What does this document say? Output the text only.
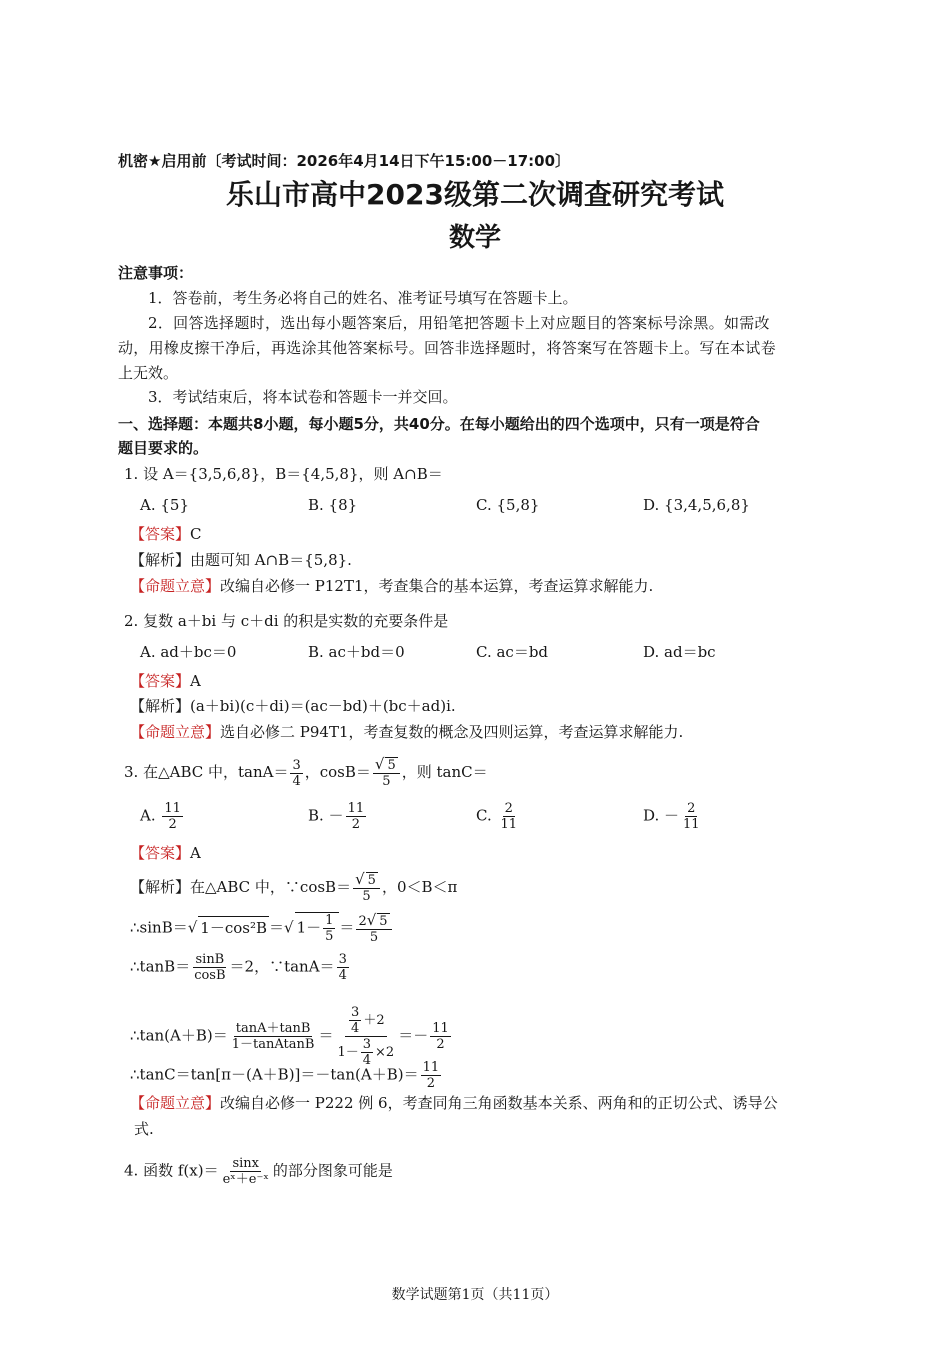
机密★启用前〔考试时间：2026年4月14日下午15:00－17:00〕
乐山市高中2023级第二次调查研究考试
数学
注意事项：
1．答卷前，考生务必将自己的姓名、准考证号填写在答题卡上。
2．回答选择题时，选出每小题答案后，用铅笔把答题卡上对应题目的答案标号涂黑。如需改
动，用橡皮擦干净后，再选涂其他答案标号。回答非选择题时，将答案写在答题卡上。写在本试卷
上无效。
3．考试结束后，将本试卷和答题卡一并交回。
一、选择题：本题共8小题，每小题5分，共40分。在每小题给出的四个选项中，只有一项是符合
题目要求的。
1. 设 A＝{3,5,6,8}，B＝{4,5,8}，则 A∩B＝
A. {5}	B. {8}	C. {5,8}	D. {3,4,5,6,8}
【答案】C
【解析】由题可知 A∩B＝{5,8}.
【命题立意】改编自必修一 P12T1，考查集合的基本运算，考查运算求解能力.
2. 复数 a＋bi 与 c＋di 的积是实数的充要条件是
A. ad＋bc＝0	B. ac＋bd＝0	C. ac＝bd	D. ad＝bc
【答案】A
【解析】(a＋bi)(c＋di)＝(ac－bd)＋(bc＋ad)i.
【命题立意】选自必修二 P94T1，考查复数的概念及四则运算，考查运算求解能力.
3. 在△ABC 中，$\tan A= \frac{3}{4}$ ，$\cos B= \frac{√ 5}{5}$ ，则 tanC＝
A. $\frac{11}{2}$	B. － $\frac{11}{2}$	C. $\frac{2}{11}$	D. － $\frac{2}{11}$
【答案】A
【解析】在△ABC 中，∵cosB＝ $\frac{√ 5}{5}$ ，0＜B＜π
∴sinB＝√ 1－cos²B ＝√ $1- \frac{1}{5} = \frac{2√ 5}{5}$
∴tanB＝ $\frac{\sin B}{\cos B} =2$，∵tanA＝ $\frac{3}{4}$
∴tan(A＋B)＝ $\frac{\tan A+\tan B}{\text{1－tanAtanB}} = \frac{\frac{3}{4} +2}{1- \frac{3}{4} \times 2} =- \frac{11}{2}$
∴tanC＝tan[π－(A＋B)]＝－tan(A＋B)＝ $\frac{11}{2}$
【命题立意】改编自必修一 P222 例 6，考查同角三角函数基本关系、两角和的正切公式、诱导公
式.
4. 函数 $f(x)= \frac{\sin x}{\text{eˣ＋e⁻ˣ}}$ 的部分图象可能是
数学试题第1页（共11页）
